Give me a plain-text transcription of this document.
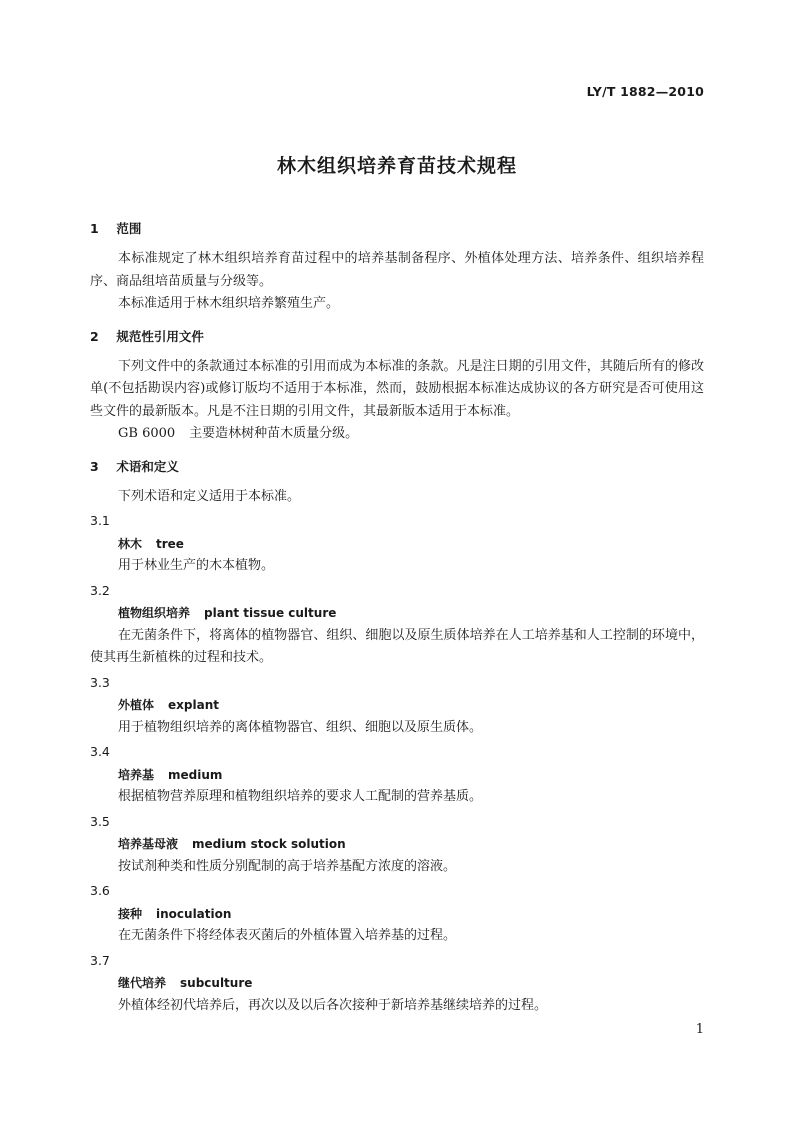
LY/T 1882—2010
林木组织培养育苗技术规程
1 范围

本标准规定了林木组织培养育苗过程中的培养基制备程序、外植体处理方法、培养条件、组织培养程序、商品组培苗质量与分级等。

本标准适用于林木组织培养繁殖生产。

2 规范性引用文件

下列文件中的条款通过本标准的引用而成为本标准的条款。凡是注日期的引用文件，其随后所有的修改单(不包括勘误内容)或修订版均不适用于本标准，然而，鼓励根据本标准达成协议的各方研究是否可使用这些文件的最新版本。凡是不注日期的引用文件，其最新版本适用于本标准。

GB 6000 主要造林树种苗木质量分级。
3 术语和定义

下列术语和定义适用于本标准。

3.1
林木 tree
用于林业生产的木本植物。
3.2
植物组织培养 plant tissue culture
在无菌条件下，将离体的植物器官、组织、细胞以及原生质体培养在人工培养基和人工控制的环境中，使其再生新植株的过程和技术。
3.3
外植体 explant
用于植物组织培养的离体植物器官、组织、细胞以及原生质体。
3.4
培养基 medium
根据植物营养原理和植物组织培养的要求人工配制的营养基质。
3.5
培养基母液 medium stock solution
按试剂种类和性质分别配制的高于培养基配方浓度的溶液。
3.6
接种 inoculation
在无菌条件下将经体表灭菌后的外植体置入培养基的过程。
3.7
继代培养 subculture
外植体经初代培养后，再次以及以后各次接种于新培养基继续培养的过程。
1
